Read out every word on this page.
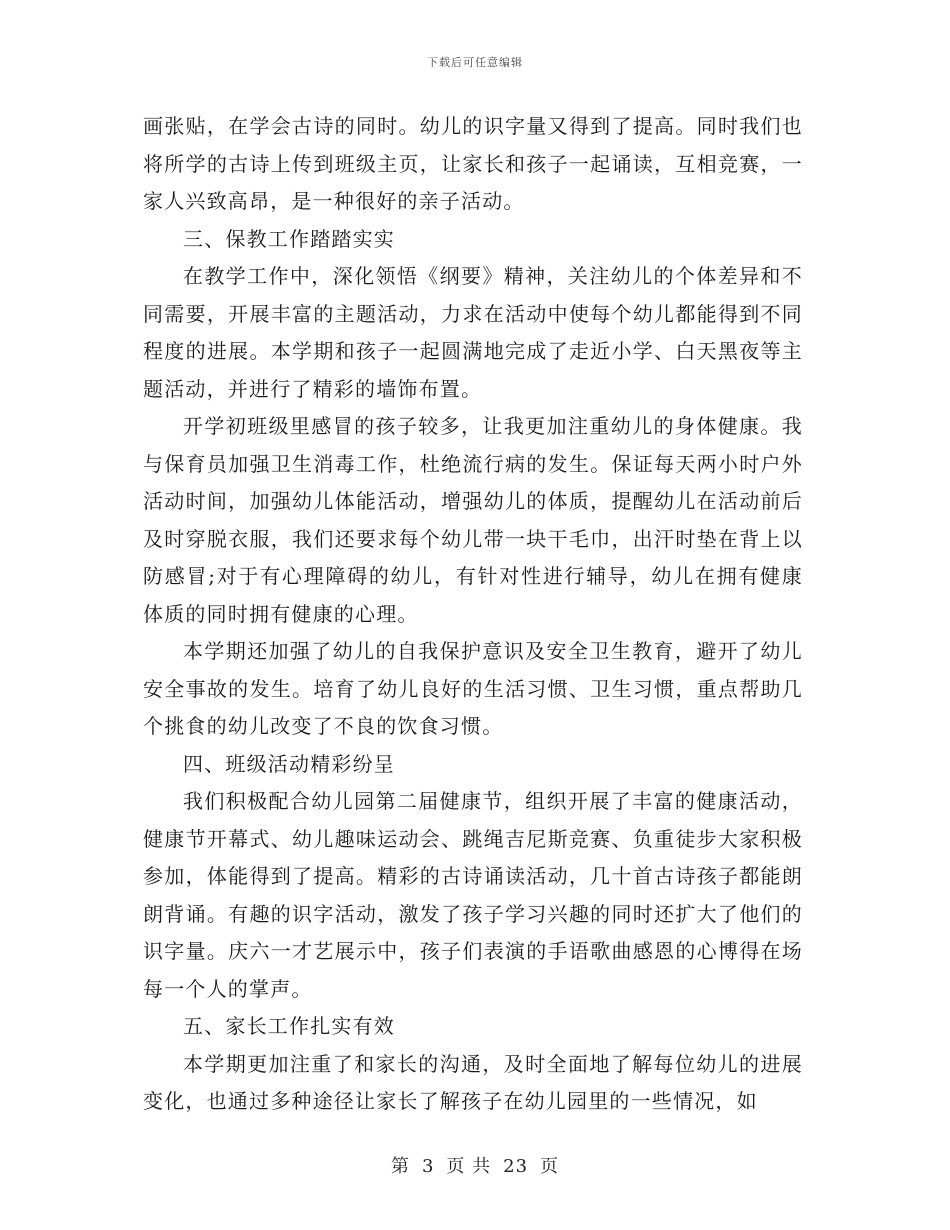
下载后可任意编辑

画张贴，在学会古诗的同时。幼儿的识字量又得到了提高。同时我们也将所学的古诗上传到班级主页，让家长和孩子一起诵读，互相竞赛，一家人兴致高昂，是一种很好的亲子活动。

三、保教工作踏踏实实

在教学工作中，深化领悟《纲要》精神，关注幼儿的个体差异和不同需要，开展丰富的主题活动，力求在活动中使每个幼儿都能得到不同程度的进展。本学期和孩子一起圆满地完成了走近小学、白天黑夜等主题活动，并进行了精彩的墙饰布置。

开学初班级里感冒的孩子较多，让我更加注重幼儿的身体健康。我与保育员加强卫生消毒工作，杜绝流行病的发生。保证每天两小时户外活动时间，加强幼儿体能活动，增强幼儿的体质，提醒幼儿在活动前后及时穿脱衣服，我们还要求每个幼儿带一块干毛巾，出汗时垫在背上以防感冒;对于有心理障碍的幼儿，有针对性进行辅导，幼儿在拥有健康体质的同时拥有健康的心理。

本学期还加强了幼儿的自我保护意识及安全卫生教育，避开了幼儿安全事故的发生。培育了幼儿良好的生活习惯、卫生习惯，重点帮助几个挑食的幼儿改变了不良的饮食习惯。

四、班级活动精彩纷呈

我们积极配合幼儿园第二届健康节，组织开展了丰富的健康活动，健康节开幕式、幼儿趣味运动会、跳绳吉尼斯竞赛、负重徒步大家积极参加，体能得到了提高。精彩的古诗诵读活动，几十首古诗孩子都能朗朗背诵。有趣的识字活动，激发了孩子学习兴趣的同时还扩大了他们的识字量。庆六一才艺展示中，孩子们表演的手语歌曲感恩的心博得在场每一个人的掌声。

五、家长工作扎实有效

本学期更加注重了和家长的沟通，及时全面地了解每位幼儿的进展变化，也通过多种途径让家长了解孩子在幼儿园里的一些情况，如

第 3 页 共 23 页
